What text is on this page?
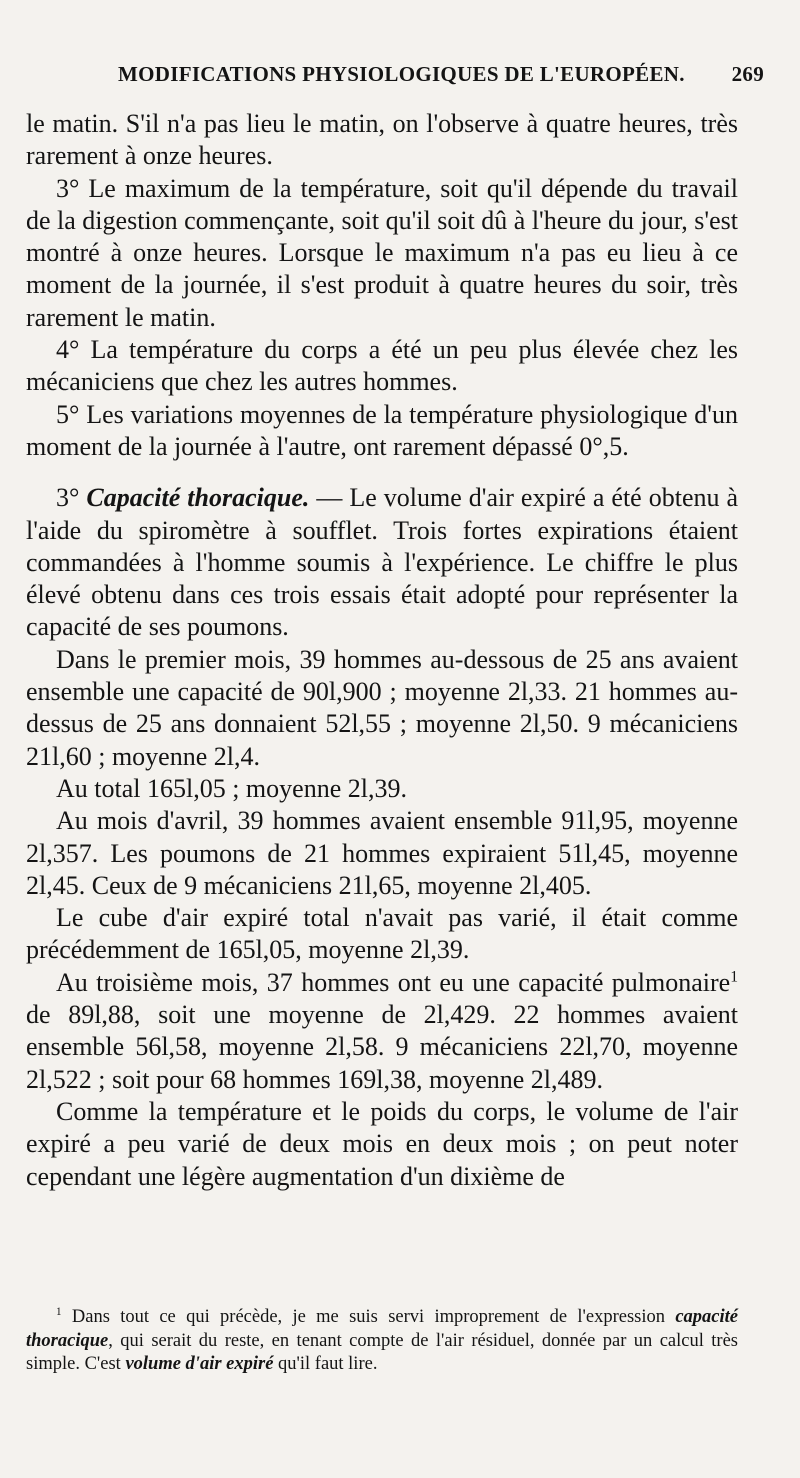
MODIFICATIONS PHYSIOLOGIQUES DE L'EUROPÉEN. 269

le matin. S'il n'a pas lieu le matin, on l'observe à quatre heures, très rarement à onze heures.

3° Le maximum de la température, soit qu'il dépende du travail de la digestion commençante, soit qu'il soit dû à l'heure du jour, s'est montré à onze heures. Lorsque le maximum n'a pas eu lieu à ce moment de la journée, il s'est produit à quatre heures du soir, très rarement le matin.

4° La température du corps a été un peu plus élevée chez les mécaniciens que chez les autres hommes.

5° Les variations moyennes de la température physiologique d'un moment de la journée à l'autre, ont rarement dépassé 0°,5.

3° Capacité thoracique. — Le volume d'air expiré a été obtenu à l'aide du spiromètre à soufflet. Trois fortes expirations étaient commandées à l'homme soumis à l'expérience. Le chiffre le plus élevé obtenu dans ces trois essais était adopté pour représenter la capacité de ses poumons.

Dans le premier mois, 39 hommes au-dessous de 25 ans avaient ensemble une capacité de 90l,900 ; moyenne 2l,33. 21 hommes au-dessus de 25 ans donnaient 52l,55 ; moyenne 2l,50. 9 mécaniciens 21l,60 ; moyenne 2l,4.

Au total 165l,05 ; moyenne 2l,39.

Au mois d'avril, 39 hommes avaient ensemble 91l,95, moyenne 2l,357. Les poumons de 21 hommes expiraient 51l,45, moyenne 2l,45. Ceux de 9 mécaniciens 21l,65, moyenne 2l,405.

Le cube d'air expiré total n'avait pas varié, il était comme précédemment de 165l,05, moyenne 2l,39.

Au troisième mois, 37 hommes ont eu une capacité pulmonaire$^1$ de 89l,88, soit une moyenne de 2l,429. 22 hommes avaient ensemble 56l,58, moyenne 2l,58. 9 mécaniciens 22l,70, moyenne 2l,522 ; soit pour 68 hommes 169l,38, moyenne 2l,489.

Comme la température et le poids du corps, le volume de l'air expiré a peu varié de deux mois en deux mois ; on peut noter cependant une légère augmentation d'un dixième de

$^1$ Dans tout ce qui précède, je me suis servi improprement de l'expression capacité thoracique, qui serait du reste, en tenant compte de l'air résiduel, donnée par un calcul très simple. C'est volume d'air expiré qu'il faut lire.
